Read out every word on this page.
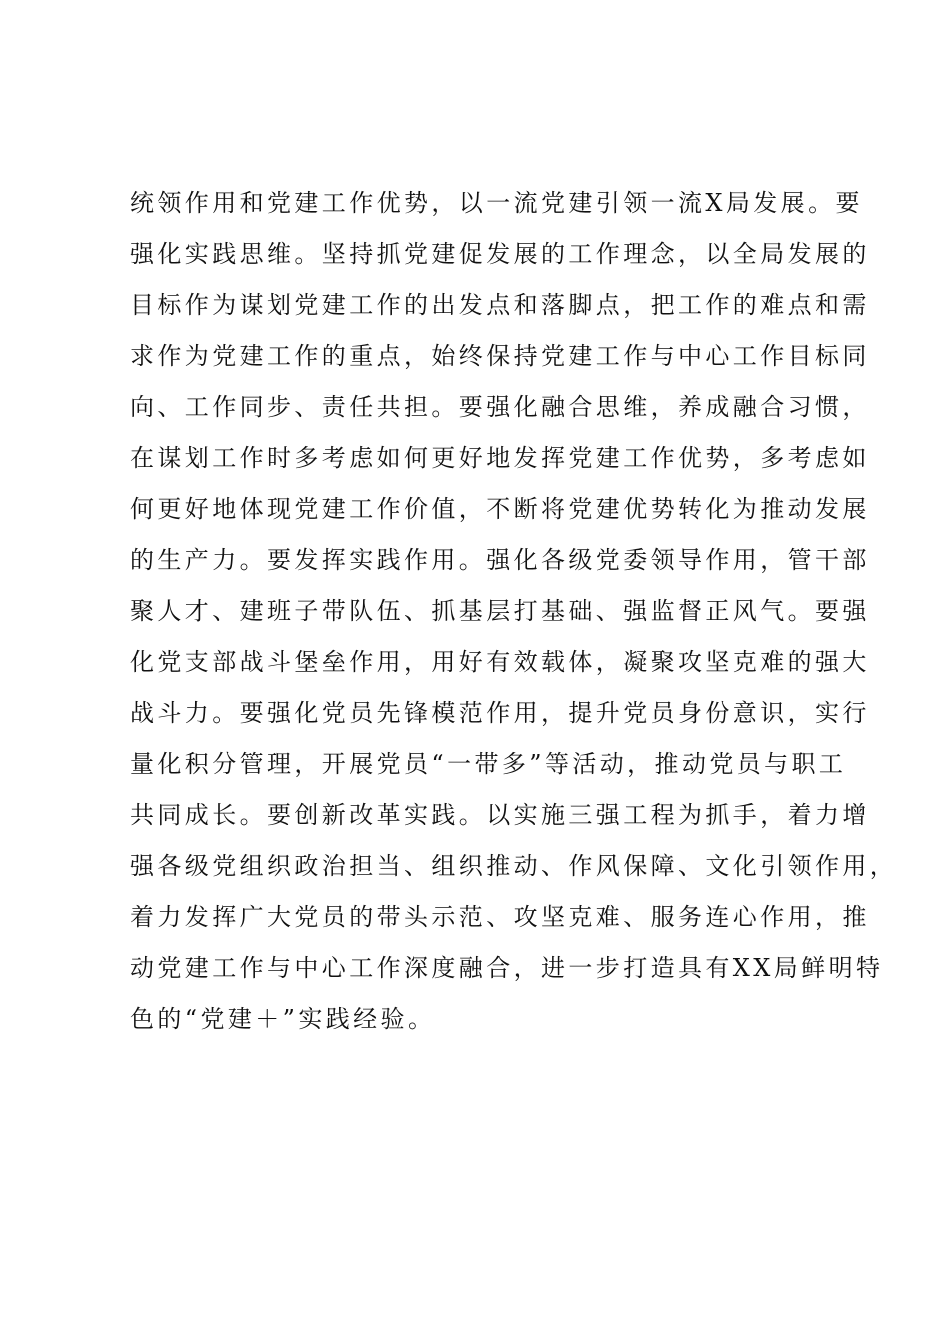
统领作用和党建工作优势，以一流党建引领一流X局发展。要
强化实践思维。坚持抓党建促发展的工作理念，以全局发展的
目标作为谋划党建工作的出发点和落脚点，把工作的难点和需
求作为党建工作的重点，始终保持党建工作与中心工作目标同
向、工作同步、责任共担。要强化融合思维，养成融合习惯，
在谋划工作时多考虑如何更好地发挥党建工作优势，多考虑如
何更好地体现党建工作价值，不断将党建优势转化为推动发展
的生产力。要发挥实践作用。强化各级党委领导作用，管干部
聚人才、建班子带队伍、抓基层打基础、强监督正风气。要强
化党支部战斗堡垒作用，用好有效载体，凝聚攻坚克难的强大
战斗力。要强化党员先锋模范作用，提升党员身份意识，实行
量化积分管理，开展党员“一带多”等活动，推动党员与职工
共同成长。要创新改革实践。以实施三强工程为抓手，着力增
强各级党组织政治担当、组织推动、作风保障、文化引领作用，
着力发挥广大党员的带头示范、攻坚克难、服务连心作用，推
动党建工作与中心工作深度融合，进一步打造具有XX局鲜明特
色的“党建＋”实践经验。
